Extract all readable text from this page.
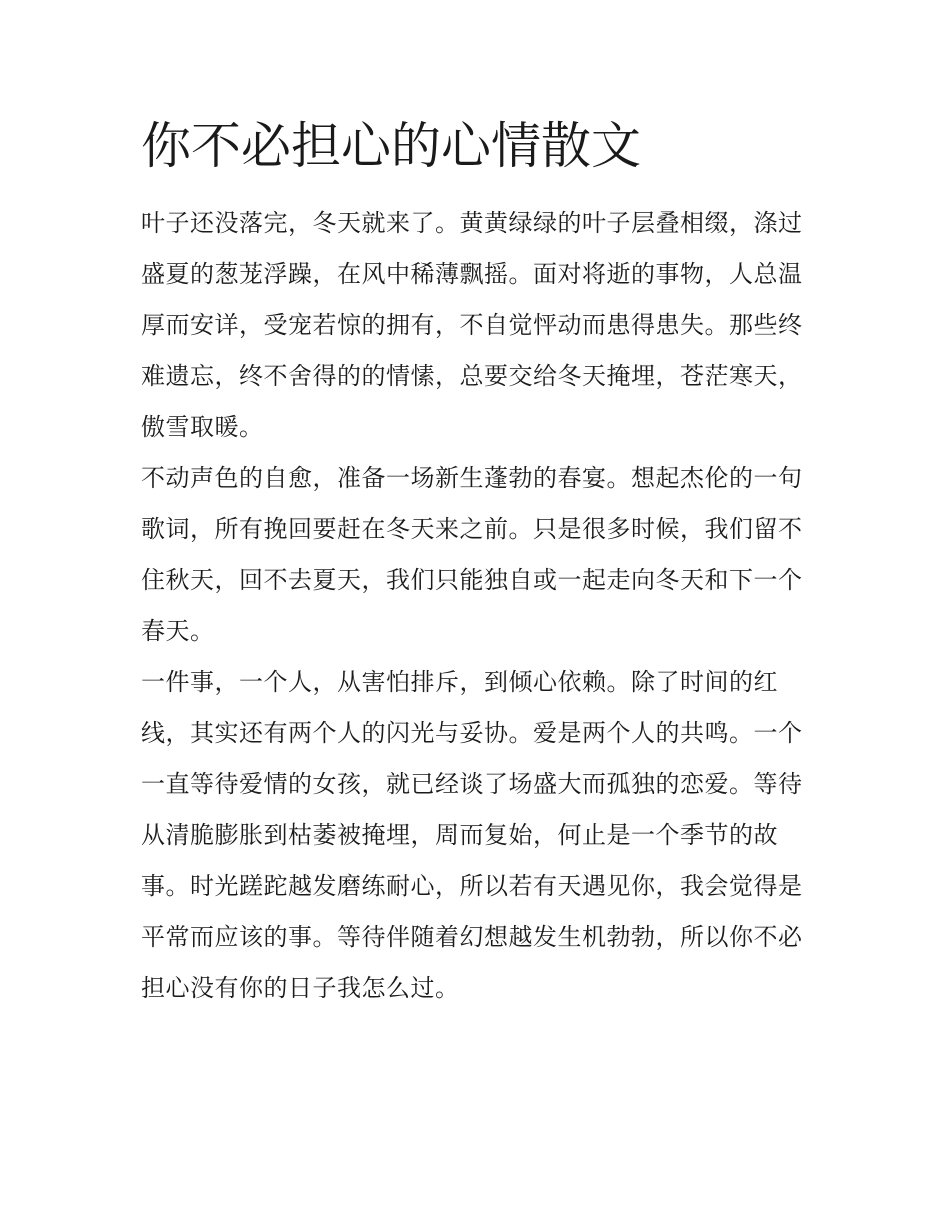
你不必担心的心情散文
叶子还没落完，冬天就来了。黄黄绿绿的叶子层叠相缀，涤过
盛夏的葱茏浮躁，在风中稀薄飘摇。面对将逝的事物，人总温
厚而安详，受宠若惊的拥有，不自觉怦动而患得患失。那些终
难遗忘，终不舍得的的情愫，总要交给冬天掩埋，苍茫寒天，
傲雪取暖。
不动声色的自愈，准备一场新生蓬勃的春宴。想起杰伦的一句
歌词，所有挽回要赶在冬天来之前。只是很多时候，我们留不
住秋天，回不去夏天，我们只能独自或一起走向冬天和下一个
春天。
一件事，一个人，从害怕排斥，到倾心依赖。除了时间的红
线，其实还有两个人的闪光与妥协。爱是两个人的共鸣。一个
一直等待爱情的女孩，就已经谈了场盛大而孤独的恋爱。等待
从清脆膨胀到枯萎被掩埋，周而复始，何止是一个季节的故
事。时光蹉跎越发磨练耐心，所以若有天遇见你，我会觉得是
平常而应该的事。等待伴随着幻想越发生机勃勃，所以你不必
担心没有你的日子我怎么过。
